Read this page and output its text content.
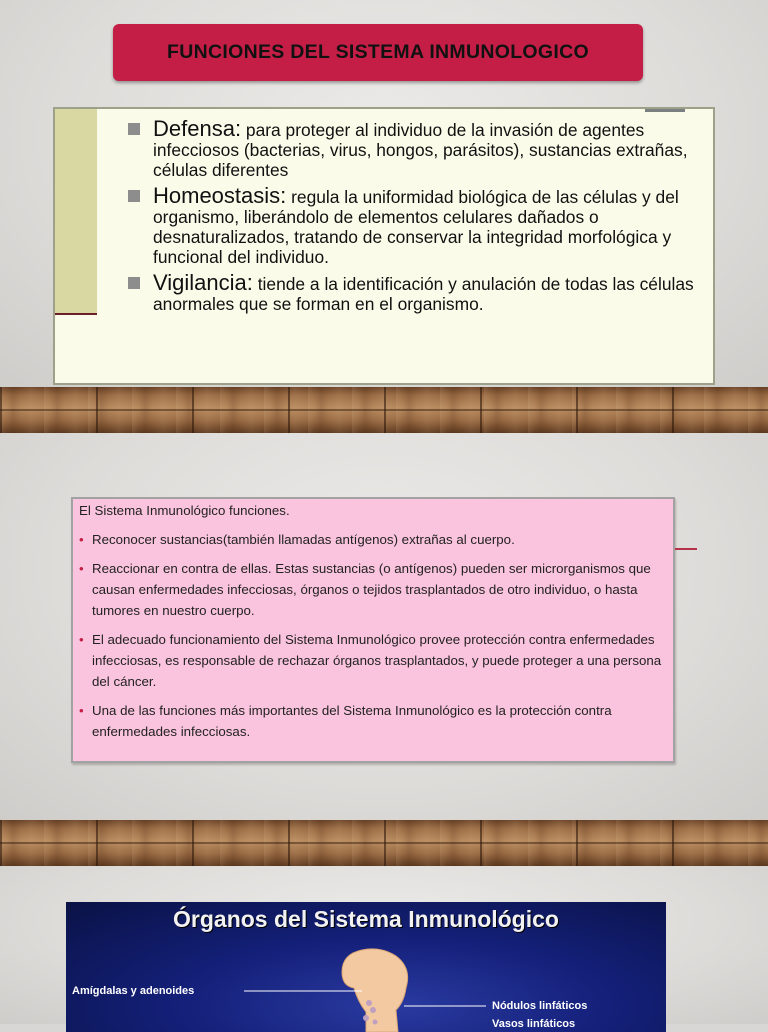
FUNCIONES DEL SISTEMA INMUNOLOGICO
Defensa: para proteger al individuo de la invasión de agentes infecciosos (bacterias, virus, hongos, parásitos), sustancias extrañas, células diferentes
Homeostasis: regula la uniformidad biológica de las células y del organismo, liberándolo de elementos celulares dañados o desnaturalizados, tratando de conservar la integridad morfológica y funcional del individuo.
Vigilancia: tiende a la identificación y anulación de todas las células anormales que se forman en el organismo.
El Sistema Inmunológico funciones.
• Reconocer sustancias(también llamadas antígenos) extrañas al cuerpo.
• Reaccionar en contra de ellas. Estas sustancias (o antígenos) pueden ser microrganismos que causan enfermedades infecciosas, órganos o tejidos trasplantados de otro individuo, o hasta tumores en nuestro cuerpo.
• El adecuado funcionamiento del Sistema Inmunológico provee protección contra enfermedades infecciosas, es responsable de rechazar órganos trasplantados, y puede proteger a una persona del cáncer.
• Una de las funciones más importantes del Sistema Inmunológico es la protección contra enfermedades infecciosas.
Órganos del Sistema Inmunológico
Amígdalas y adenoides
Nódulos linfáticos
Vasos linfáticos
